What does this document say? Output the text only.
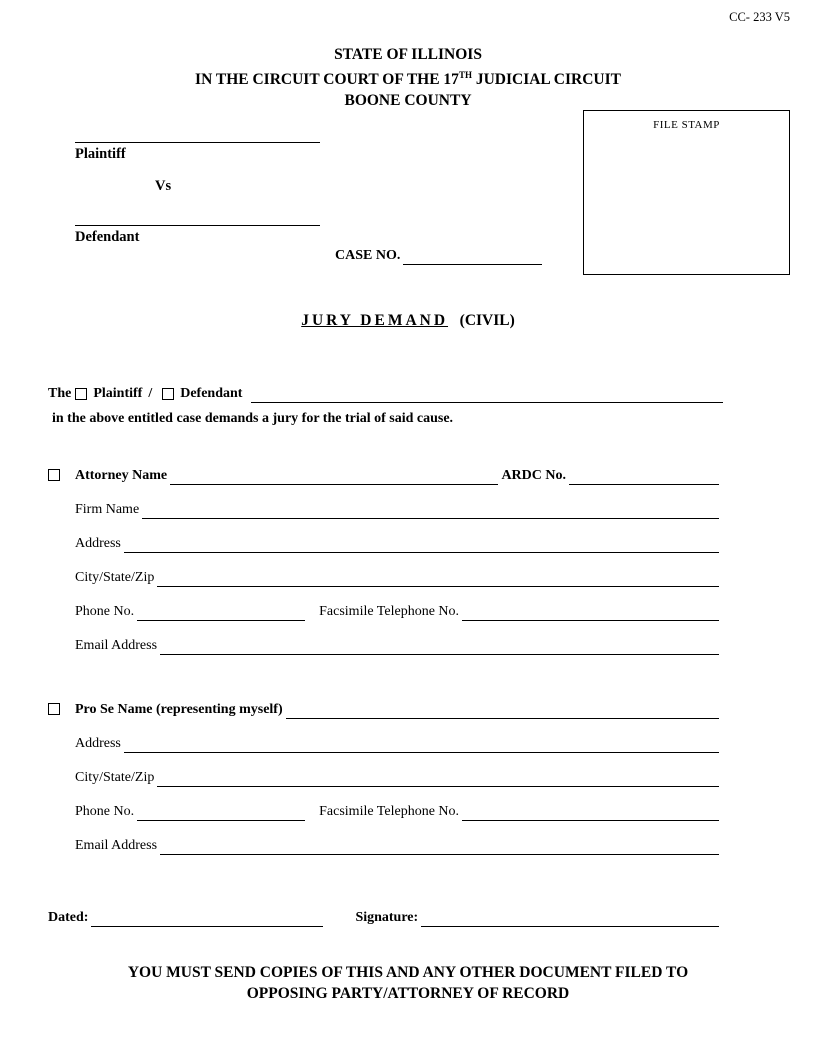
CC- 233 V5
STATE OF ILLINOIS
IN THE CIRCUIT COURT OF THE 17TH JUDICIAL CIRCUIT
BOONE COUNTY
FILE STAMP
Plaintiff
Vs
Defendant
CASE NO.
JURY DEMAND (CIVIL)
The Plaintiff / Defendant
in the above entitled case demands a jury for the trial of said cause.
Attorney Name	ARDC No.
Firm Name
Address
City/State/Zip
Phone No.	Facsimile Telephone No.
Email Address
Pro Se Name (representing myself)
Address
City/State/Zip
Phone No.	Facsimile Telephone No.
Email Address
Dated:	Signature:
YOU MUST SEND COPIES OF THIS AND ANY OTHER DOCUMENT FILED TO
OPPOSING PARTY/ATTORNEY OF RECORD
